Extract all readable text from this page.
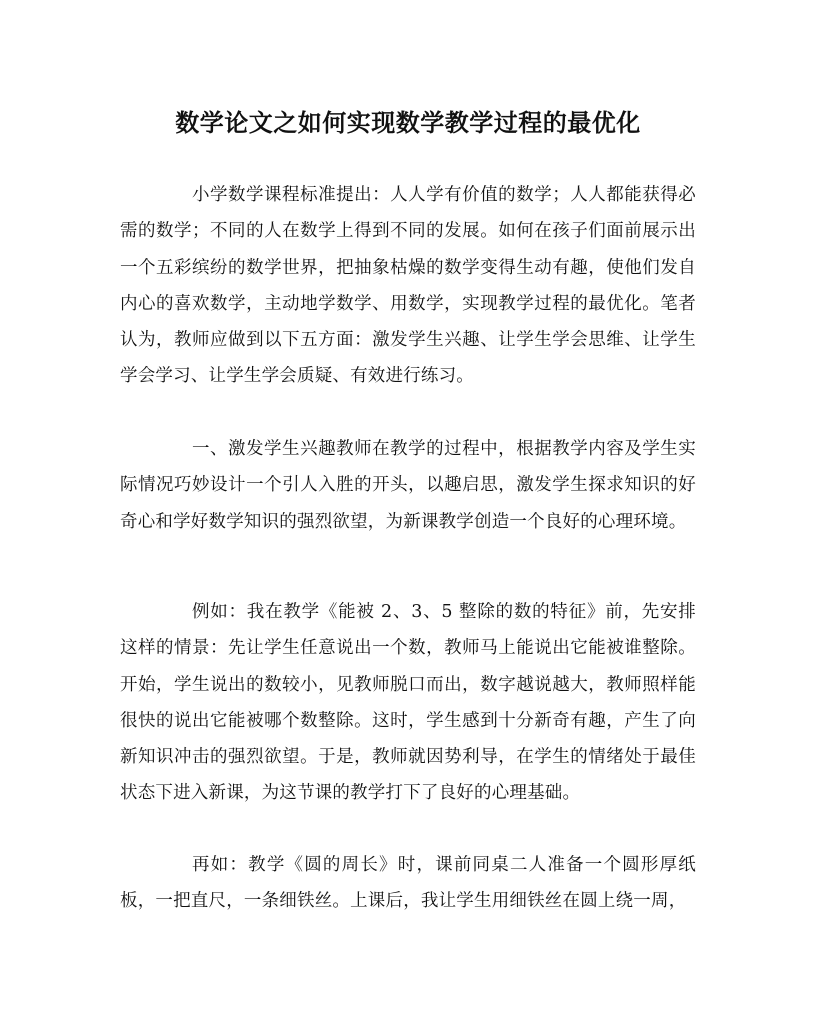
数学论文之如何实现数学教学过程的最优化

小学数学课程标准提出：人人学有价值的数学；人人都能获得必需的数学；不同的人在数学上得到不同的发展。如何在孩子们面前展示出一个五彩缤纷的数学世界，把抽象枯燥的数学变得生动有趣，使他们发自内心的喜欢数学，主动地学数学、用数学，实现教学过程的最优化。笔者认为，教师应做到以下五方面：激发学生兴趣、让学生学会思维、让学生学会学习、让学生学会质疑、有效进行练习。

一、激发学生兴趣教师在教学的过程中，根据教学内容及学生实际情况巧妙设计一个引人入胜的开头，以趣启思，激发学生探求知识的好奇心和学好数学知识的强烈欲望，为新课教学创造一个良好的心理环境。

例如：我在教学《能被 2、3、5 整除的数的特征》前，先安排这样的情景：先让学生任意说出一个数，教师马上能说出它能被谁整除。开始，学生说出的数较小，见教师脱口而出，数字越说越大，教师照样能很快的说出它能被哪个数整除。这时，学生感到十分新奇有趣，产生了向新知识冲击的强烈欲望。于是，教师就因势利导，在学生的情绪处于最佳状态下进入新课，为这节课的教学打下了良好的心理基础。

再如：教学《圆的周长》时，课前同桌二人准备一个圆形厚纸板，一把直尺，一条细铁丝。上课后，我让学生用细铁丝在圆上绕一周，
